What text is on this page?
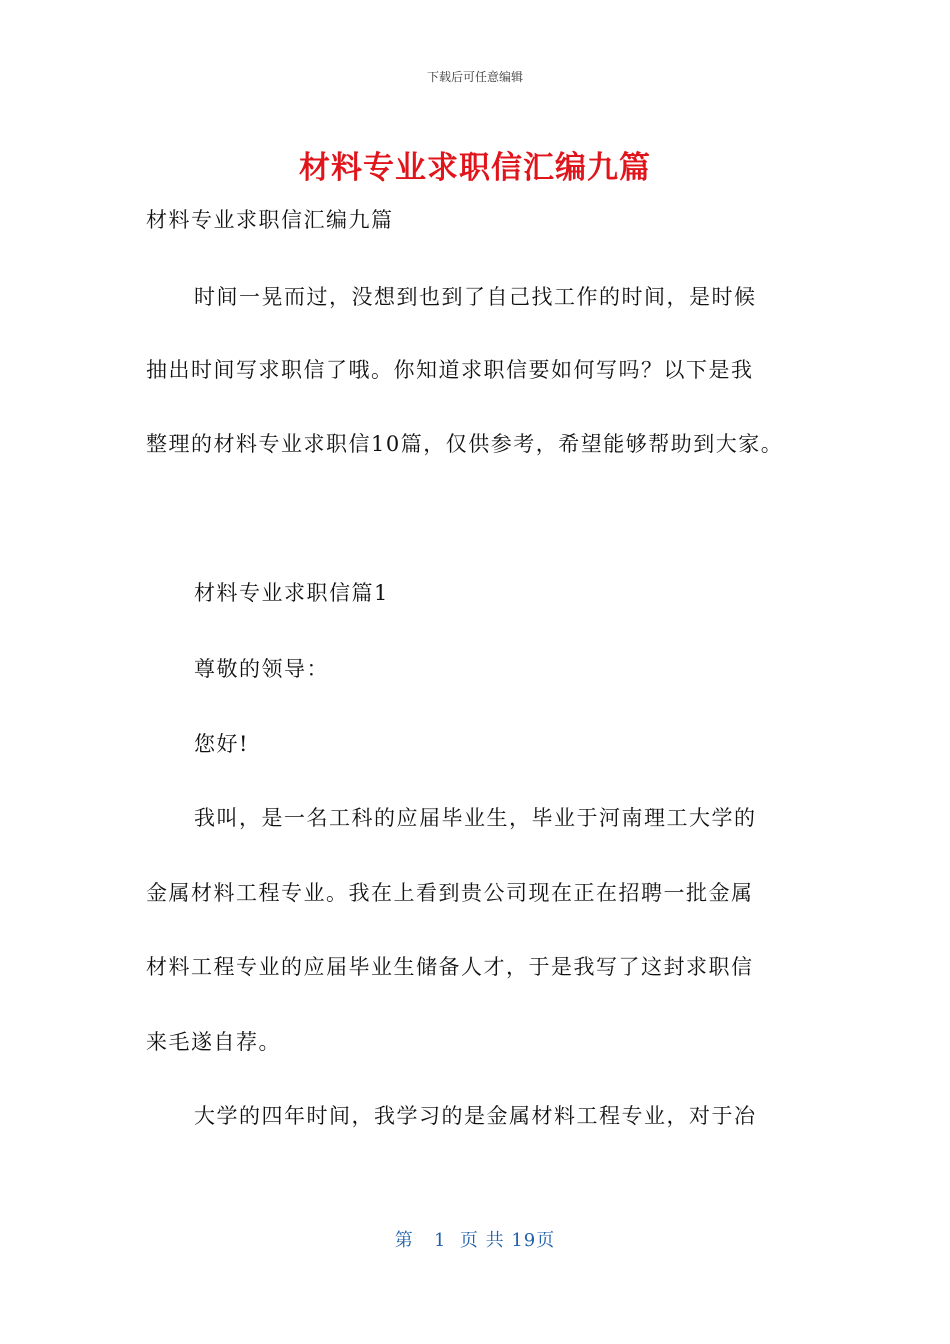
下载后可任意编辑
材料专业求职信汇编九篇
材料专业求职信汇编九篇
时间一晃而过，没想到也到了自己找工作的时间，是时候
抽出时间写求职信了哦。你知道求职信要如何写吗？以下是我
整理的材料专业求职信10篇，仅供参考，希望能够帮助到大家。
材料专业求职信篇1
尊敬的领导：
您好!
我叫，是一名工科的应届毕业生，毕业于河南理工大学的
金属材料工程专业。我在上看到贵公司现在正在招聘一批金属
材料工程专业的应届毕业生储备人才，于是我写了这封求职信
来毛遂自荐。
大学的四年时间，我学习的是金属材料工程专业，对于冶
第 1 页 共 19页
